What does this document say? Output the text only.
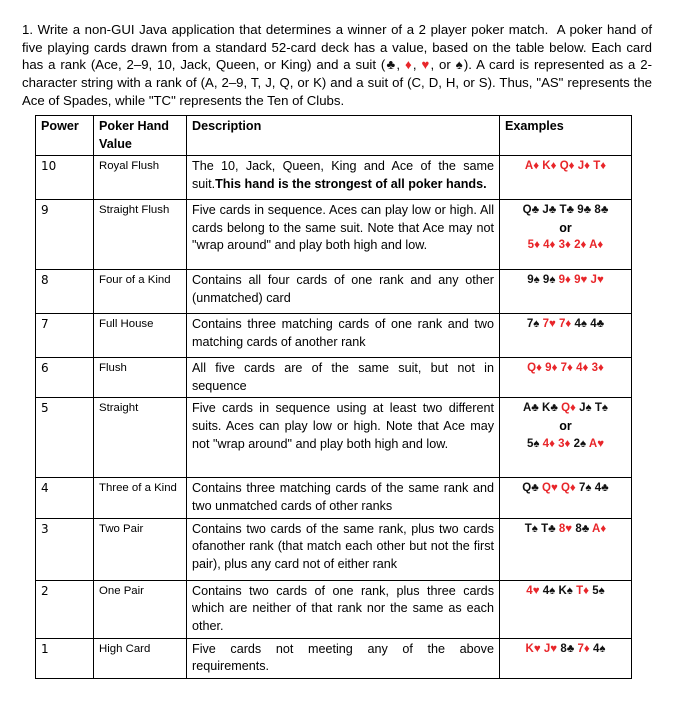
1. Write a non-GUI Java application that determines a winner of a 2 player poker match.  A poker hand of five playing cards drawn from a standard 52-card deck has a value, based on the table below. Each card has a rank (Ace, 2–9, 10, Jack, Queen, or King) and a suit (♣, ♦, ♥, or ♠). A card is represented as a 2-character string with a rank of (A, 2–9, T, J, Q, or K) and a suit of (C, D, H, or S). Thus, "AS" represents the Ace of Spades, while "TC" represents the Ten of Clubs.

Power	Poker Hand Value	Description	Examples
10	Royal Flush	The 10, Jack, Queen, King and Ace of the same suit.This hand is the strongest of all poker hands.	A♦ K♦ Q♦ J♦ T♦

9	Straight Flush	Five cards in sequence. Aces can play low or high. All cards belong to the same suit. Note that Ace may not "wrap around" and play both high and low.	Q♣ J♣ T♣ 9♣ 8♣
or
5♦ 4♦ 3♦ 2♦ A♦

8	Four of a Kind	Contains all four cards of one rank and any other (unmatched) card	9♠ 9♠ 9♦ 9♥ J♥

7	Full House	Contains three matching cards of one rank and two matching cards of another rank	7♠ 7♥ 7♦ 4♠ 4♣

6	Flush	All five cards are of the same suit, but not in sequence	Q♦ 9♦ 7♦ 4♦ 3♦

5	Straight	Five cards in sequence using at least two different suits. Aces can play low or high. Note that Ace may not "wrap around" and play both high and low.	A♣ K♣ Q♦ J♠ T♠
or
5♠ 4♦ 3♦ 2♠ A♥

4	Three of a Kind	Contains three matching cards of the same rank and two unmatched cards of other ranks	Q♣ Q♥ Q♦ 7♠ 4♣

3	Two Pair	Contains two cards of the same rank, plus two cards ofanother rank (that match each other but not the first pair), plus any card not of either rank	T♠ T♣ 8♥ 8♣ A♦

2	One Pair	Contains two cards of one rank, plus three cards which are neither of that rank nor the same as each other.	4♥ 4♠ K♠ T♦ 5♠

1	High Card	Five cards not meeting any of the above requirements.	K♥ J♥ 8♣ 7♦ 4♠
